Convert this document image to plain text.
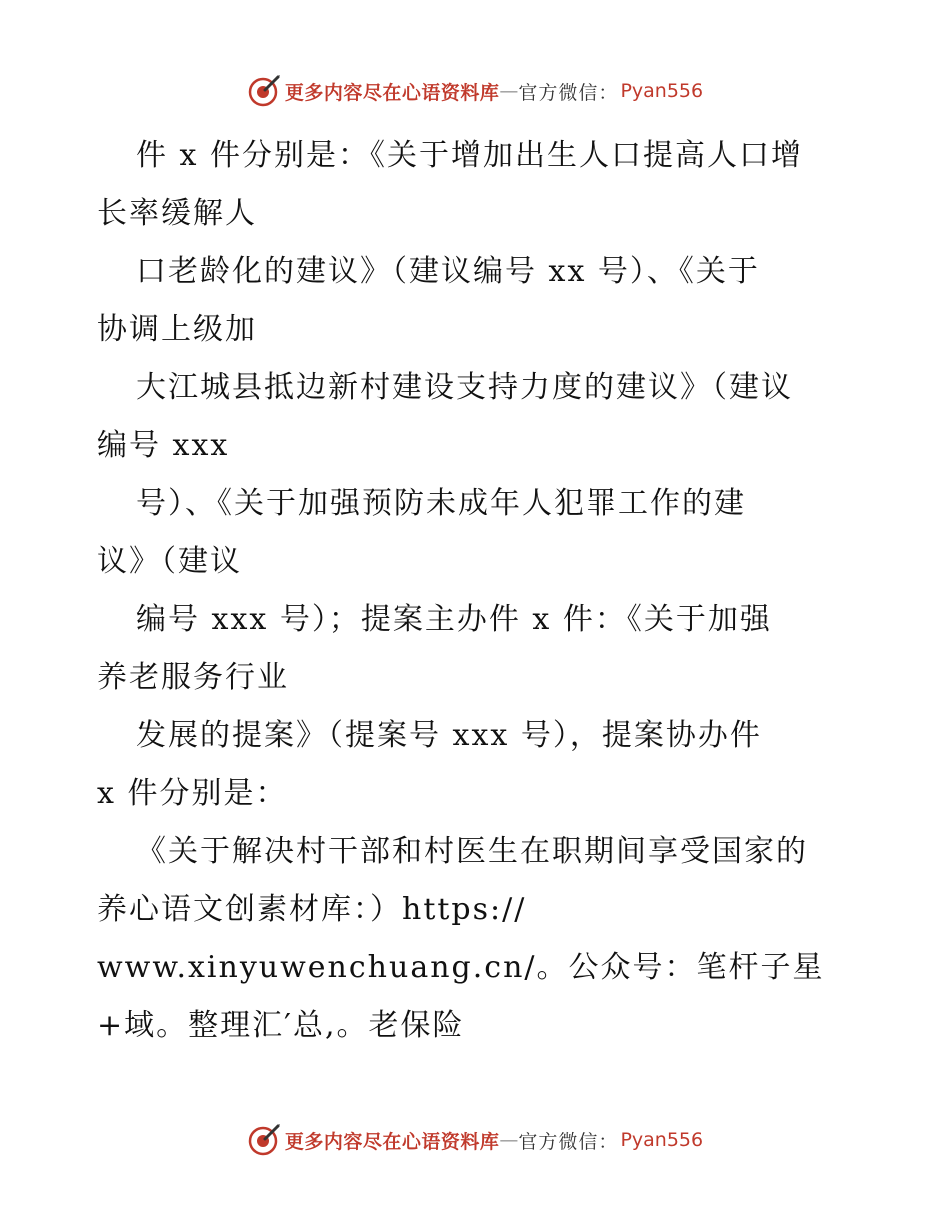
更多内容尽在心语资料库 — 官方微信： Pyan556
件 x 件分别是：《关于增加出生人口提高人口增
长率缓解人
口老龄化的建议》（建议编号 xx 号）、《关于
协调上级加
大江城县抵边新村建设支持力度的建议》（建议
编号 xxx
号）、《关于加强预防未成年人犯罪工作的建
议》（建议
编号 xxx 号）；提案主办件 x 件：《关于加强
养老服务行业
发展的提案》（提案号 xxx 号），提案协办件
x 件分别是：
《关于解决村干部和村医生在职期间享受国家的
养心语文创素材库：）https://
www.xinyuwenchuang.cn/。公众号：笔杆子星
+域。整理汇′总,。老保险
更多内容尽在心语资料库 — 官方微信： Pyan556
